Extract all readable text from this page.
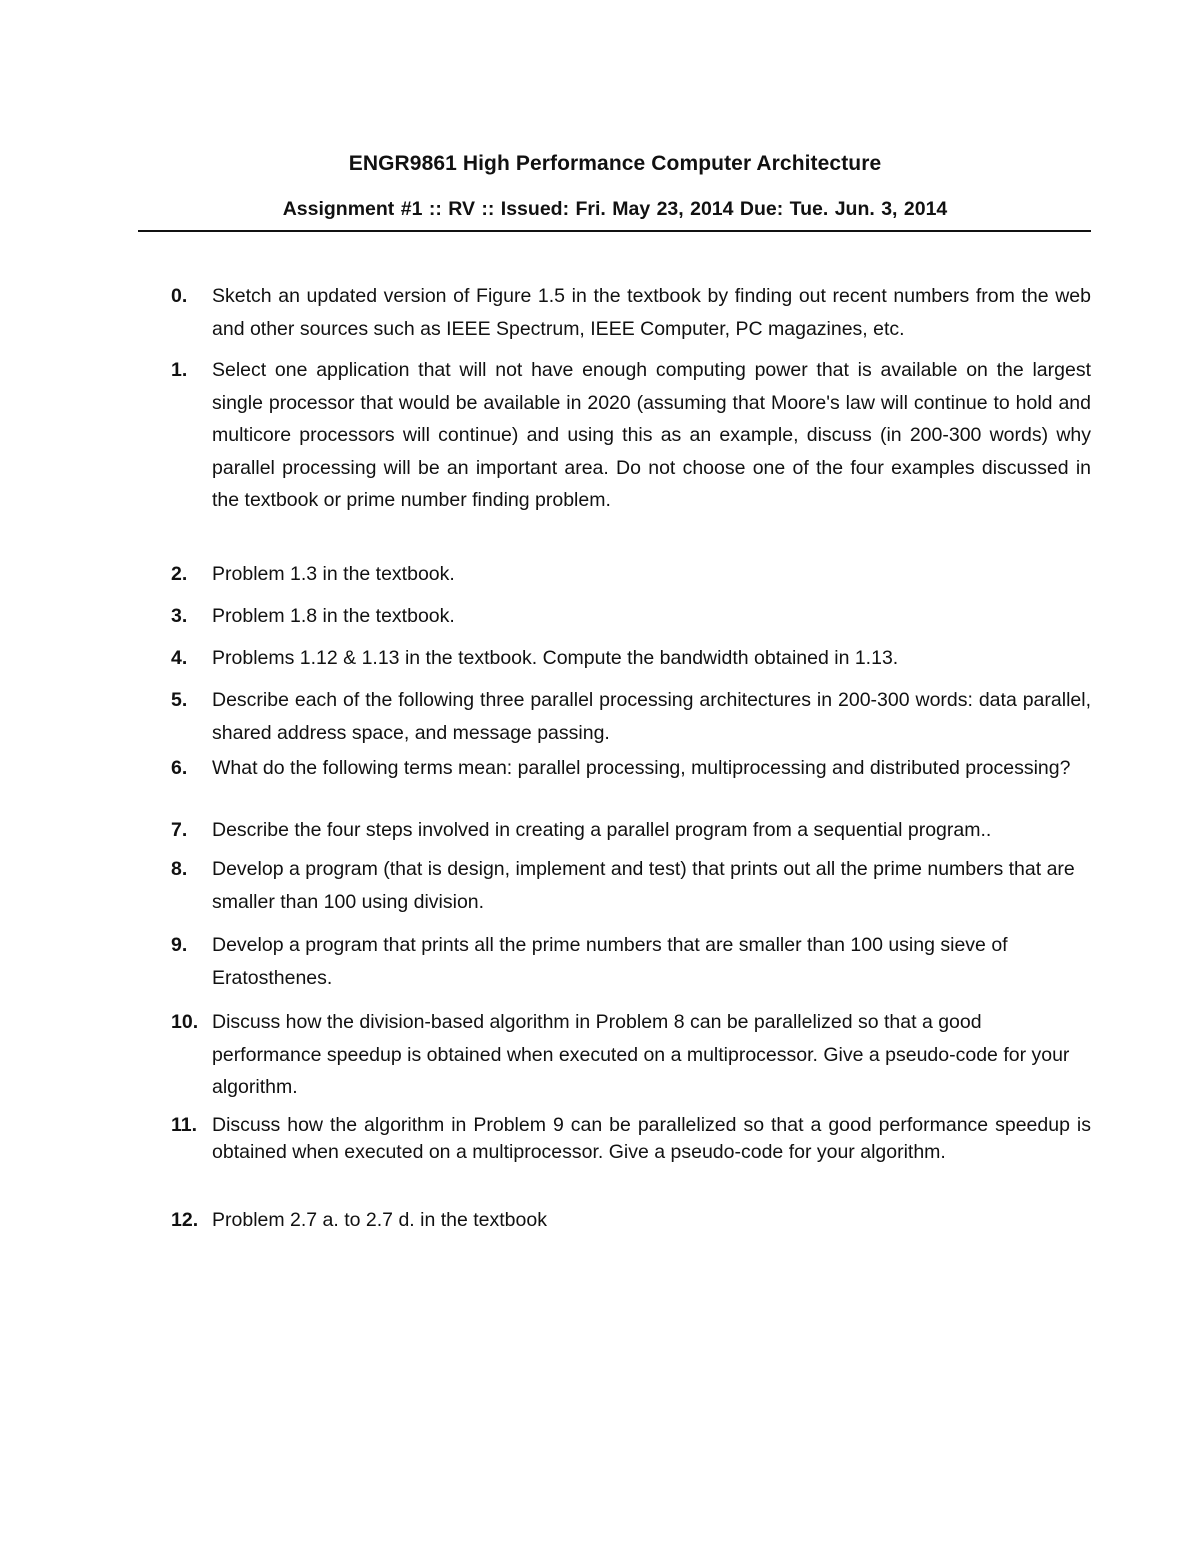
ENGR9861 High Performance Computer Architecture
Assignment #1 :: RV :: Issued: Fri. May 23, 2014 Due: Tue. Jun. 3, 2014
0. Sketch an updated version of Figure 1.5 in the textbook by finding out recent numbers from the web and other sources such as IEEE Spectrum, IEEE Computer, PC magazines, etc.
1. Select one application that will not have enough computing power that is available on the largest single processor that would be available in 2020 (assuming that Moore's law will continue to hold and multicore processors will continue) and using this as an example, discuss (in 200-300 words) why parallel processing will be an important area. Do not choose one of the four examples discussed in the textbook or prime number finding problem.
2. Problem 1.3 in the textbook.
3. Problem 1.8 in the textbook.
4. Problems 1.12 & 1.13 in the textbook. Compute the bandwidth obtained in 1.13.
5. Describe each of the following three parallel processing architectures in 200-300 words: data parallel, shared address space, and message passing.
6. What do the following terms mean: parallel processing, multiprocessing and distributed processing?
7. Describe the four steps involved in creating a parallel program from a sequential program..
8. Develop a program (that is design, implement and test) that prints out all the prime numbers that are smaller than 100 using division.
9. Develop a program that prints all the prime numbers that are smaller than 100 using sieve of Eratosthenes.
10. Discuss how the division-based algorithm in Problem 8 can be parallelized so that a good performance speedup is obtained when executed on a multiprocessor. Give a pseudo-code for your algorithm.
11. Discuss how the algorithm in Problem 9 can be parallelized so that a good performance speedup is obtained when executed on a multiprocessor. Give a pseudo-code for your algorithm.
12. Problem 2.7 a. to 2.7 d. in the textbook
